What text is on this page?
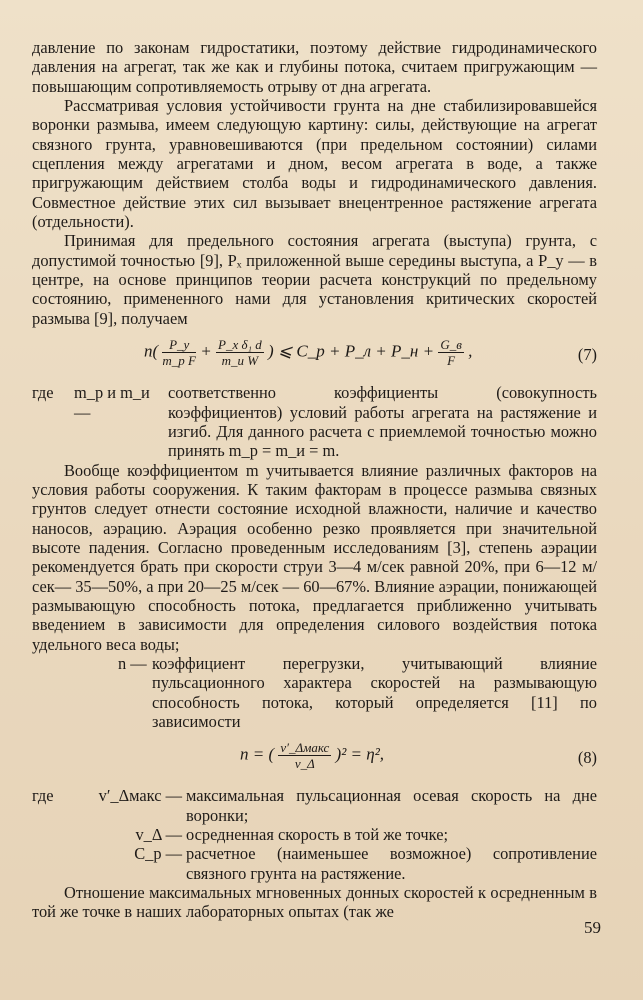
давление по законам гидростатики, поэтому действие гидродинамического давления на агрегат, так же как и глубины потока, считаем пригружающим — повышающим сопротивляемость отрыву от дна агрегата.

Рассматривая условия устойчивости грунта на дне стабилизировавшейся воронки размыва, имеем следующую картину: силы, действующие на агрегат связного грунта, уравновешиваются (при предельном состоянии) силами сцепления между агрегатами и дном, весом агрегата в воде, а также пригружающим действием столба воды и гидродинамического давления. Совместное действие этих сил вызывает внецентренное растяжение агрегата (отдельности).

Принимая для предельного состояния агрегата (выступа) грунта, с допустимой точностью [9], Pₓ приложенной выше середины выступа, а P_y — в центре, на основе принципов теории расчета конструкций по предельному состоянию, примененного нами для установления критических скоростей размыва [9], получаем

$n( \frac{P\_y}{\text{m\_p F}} + \frac{\text{P\_x δ₁ d}}{\text{m\_и W}}$ ) ⩽ C_p + P_л + P_н + $\frac{G\_в}{F}$ ,	(7)
где	m_p и m_и —
соответственно коэффициенты (совокупность коэффициентов) условий работы агрегата на растяжение и изгиб. Для данного расчета с приемлемой точностью можно принять m_p = m_и = m.

Вообще коэффициентом m учитывается влияние различных факторов на условия работы сооружения. К таким факторам в процессе размыва связных грунтов следует отнести состояние исходной влажности, наличие и качество наносов, аэрацию. Аэрация особенно резко проявляется при значительной высоте падения. Согласно проведенным исследованиям [3], степень аэрации рекомендуется брать при скорости струи 3—4 м/сек равной 20%, при 6—12 м/сек— 35—50%, а при 20—25 м/сек — 60—67%. Влияние аэрации, понижающей размывающую способность потока, предлагается приближенно учитывать введением в зависимости для определения силового воздействия потока удельного веса воды;

n — коэффициент перегрузки, учитывающий влияние пульсационного характера скоростей на размывающую способность потока, который определяется [11] по зависимости
n = ( $\frac{\text{v′\_Δмакс}}{v\_\Delta} )^2 = \eta^2$,	(8)
где	v′_Δмакс — максимальная пульсационная осевая скорость на дне воронки;
v_Δ — осредненная скорость в той же точке;
C_p — расчетное (наименьшее возможное) сопротивление связного грунта на растяжение.

Отношение максимальных мгновенных донных скоростей к осредненным в той же точке в наших лабораторных опытах (так же

59
